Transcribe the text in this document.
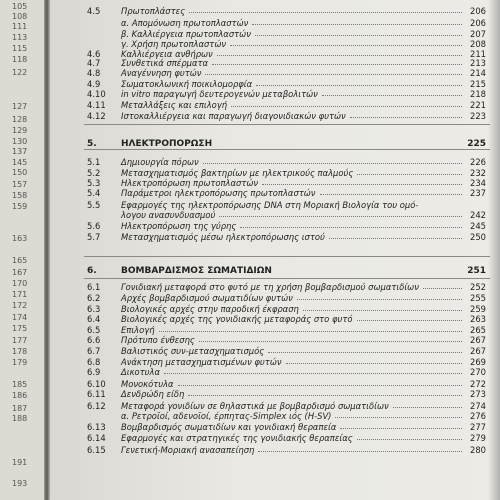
105
108
111
113
115
118
122
127
128
129
130
137
145
150
157
158
159
163
165
167
170
171
172
174
175
177
178
179
185
186
187
188
191
193
4.5 Πρωτοπλάστες	206
α. Απομόνωση πρωτοπλαστών	206
β. Καλλιέργεια πρωτοπλαστών	207
γ. Χρήση πρωτοπλαστών	208
4.6 Καλλιέργεια ανθήρων	211
4.7 Συνθετικά σπέρματα	213
4.8 Αναγέννηση φυτών	214
4.9 Σωματοκλωνική ποικιλομορφία	215
4.10 in vitro παραγωγή δευτερογενών μεταβολιτών	218
4.11 Μεταλλάξεις και επιλογή	221
4.12 Ιστοκαλλιέργεια και παραγωγή διαγονιδιακών φυτών	223
5.	ΗΛΕΚΤΡΟΠΟΡΩΣΗ	225
5.1 Δημιουργία πόρων	226
5.2 Μετασχηματισμός βακτηρίων με ηλεκτρικούς παλμούς	232
5.3 Ηλεκτροπόρωση πρωτοπλαστών	234
5.4 Παράμετροι ηλεκτροπόρωσης πρωτοπλαστών	237
5.5 Εφαρμογές της ηλεκτροπόρωσης DNA στη Μοριακή Βιολογία του ομό-
λογου ανασυνδυασμού	242
5.6 Ηλεκτροπόρωση της γύρης	245
5.7 Μετασχηματισμός μέσω ηλεκτροπόρωσης ιστού	250
6.	ΒΟΜΒΑΡΔΙΣΜΟΣ ΣΩΜΑΤΙΔΙΩΝ	251
6.1 Γονιδιακή μεταφορά στο φυτό με τη χρήση βομβαρδισμού σωματιδίων	252
6.2 Αρχές βομβαρδισμού σωματιδίων φυτών	255
6.3 Βιολογικές αρχές στην παροδική έκφραση	259
6.4 Βιολογικές αρχές της γονιδιακής μεταφοράς στο φυτό	263
6.5 Επιλογή	265
6.6 Πρότυπο ένθεσης	267
6.7 Βαλιστικός συν-μετασχηματισμός	267
6.8 Ανάκτηση μετασχηματισμένων φυτών	269
6.9 Δικοτυλα	270
6.10 Μονοκότυλα	272
6.11 Δενδρώδη είδη	273
6.12 Μεταφορά γονιδίων σε θηλαστικά με βομβαρδισμό σωματιδίων	274
α. Ρετροϊοί, αδενοϊοί, έρπητας-Simplex ιός (H-SV)	276
6.13 Βομβαρδισμός σωματιδίων και γονιδιακή θεραπεία	277
6.14 Εφαρμογές και στρατηγικές της γονιδιακής θεραπείας	279
6.15 Γενετική-Μοριακή ανασαπείηση	280
